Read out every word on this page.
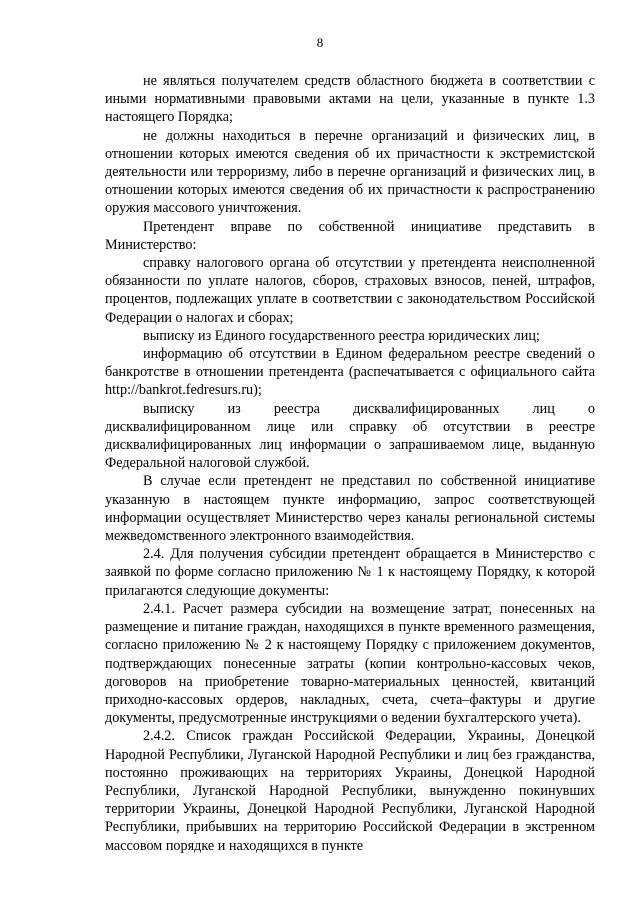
8

не являться получателем средств областного бюджета в соответствии с иными нормативными правовыми актами на цели, указанные в пункте 1.3 настоящего Порядка;

не должны находиться в перечне организаций и физических лиц, в отношении которых имеются сведения об их причастности к экстремистской деятельности или терроризму, либо в перечне организаций и физических лиц, в отношении которых имеются сведения об их причастности к распространению оружия массового уничтожения.

Претендент вправе по собственной инициативе представить в Министерство:

справку налогового органа об отсутствии у претендента неисполненной обязанности по уплате налогов, сборов, страховых взносов, пеней, штрафов, процентов, подлежащих уплате в соответствии с законодательством Российской Федерации о налогах и сборах;

выписку из Единого государственного реестра юридических лиц;

информацию об отсутствии в Едином федеральном реестре сведений о банкротстве в отношении претендента (распечатывается с официального сайта http://bankrot.fedresurs.ru);

выписку из реестра дисквалифицированных лиц о дисквалифицированном лице или справку об отсутствии в реестре дисквалифицированных лиц информации о запрашиваемом лице, выданную Федеральной налоговой службой.

В случае если претендент не представил по собственной инициативе указанную в настоящем пункте информацию, запрос соответствующей информации осуществляет Министерство через каналы региональной системы межведомственного электронного взаимодействия.

2.4. Для получения субсидии претендент обращается в Министерство с заявкой по форме согласно приложению № 1 к настоящему Порядку, к которой прилагаются следующие документы:

2.4.1. Расчет размера субсидии на возмещение затрат, понесенных на размещение и питание граждан, находящихся в пункте временного размещения, согласно приложению № 2 к настоящему Порядку с приложением документов, подтверждающих понесенные затраты (копии контрольно-кассовых чеков, договоров на приобретение товарно-материальных ценностей, квитанций приходно-кассовых ордеров, накладных, счета, счета–фактуры и другие документы, предусмотренные инструкциями о ведении бухгалтерского учета).

2.4.2. Список граждан Российской Федерации, Украины, Донецкой Народной Республики, Луганской Народной Республики и лиц без гражданства, постоянно проживающих на территориях Украины, Донецкой Народной Республики, Луганской Народной Республики, вынужденно покинувших территории Украины, Донецкой Народной Республики, Луганской Народной Республики, прибывших на территорию Российской Федерации в экстренном массовом порядке и находящихся в пункте
